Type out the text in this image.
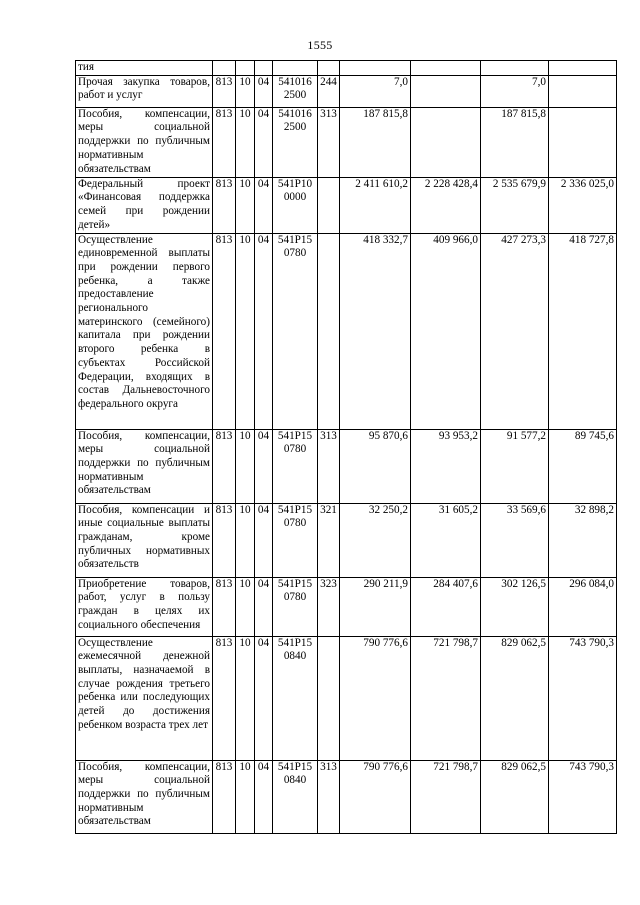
1555
тия									
Прочая закупка товаров, работ и услуг	813	10	04	541016 2500	244	7,0		7,0	
Пособия, компенсации, меры социальной поддержки по публичным нормативным обязательствам	813	10	04	541016 2500	313	187 815,8		187 815,8	
Федеральный проект «Финансовая поддержка семей при рождении детей»	813	10	04	541P10 0000		2 411 610,2	2 228 428,4	2 535 679,9	2 336 025,0
Осуществление единовременной выплаты при рождении первого ребенка, а также предоставление регионального материнского (семейного) капитала при рождении второго ребенка в субъектах Российской Федерации, входящих в состав Дальневосточного федерального округа	813	10	04	541P15 0780		418 332,7	409 966,0	427 273,3	418 727,8
Пособия, компенсации, меры социальной поддержки по публичным нормативным обязательствам	813	10	04	541P15 0780	313	95 870,6	93 953,2	91 577,2	89 745,6
Пособия, компенсации и иные социальные выплаты гражданам, кроме публичных нормативных обязательств	813	10	04	541P15 0780	321	32 250,2	31 605,2	33 569,6	32 898,2
Приобретение товаров, работ, услуг в пользу граждан в целях их социального обеспечения	813	10	04	541P15 0780	323	290 211,9	284 407,6	302 126,5	296 084,0
Осуществление ежемесячной денежной выплаты, назначаемой в случае рождения третьего ребенка или последующих детей до достижения ребенком возраста трех лет	813	10	04	541P15 0840		790 776,6	721 798,7	829 062,5	743 790,3
Пособия, компенсации, меры социальной поддержки по публичным нормативным обязательствам	813	10	04	541P15 0840	313	790 776,6	721 798,7	829 062,5	743 790,3
